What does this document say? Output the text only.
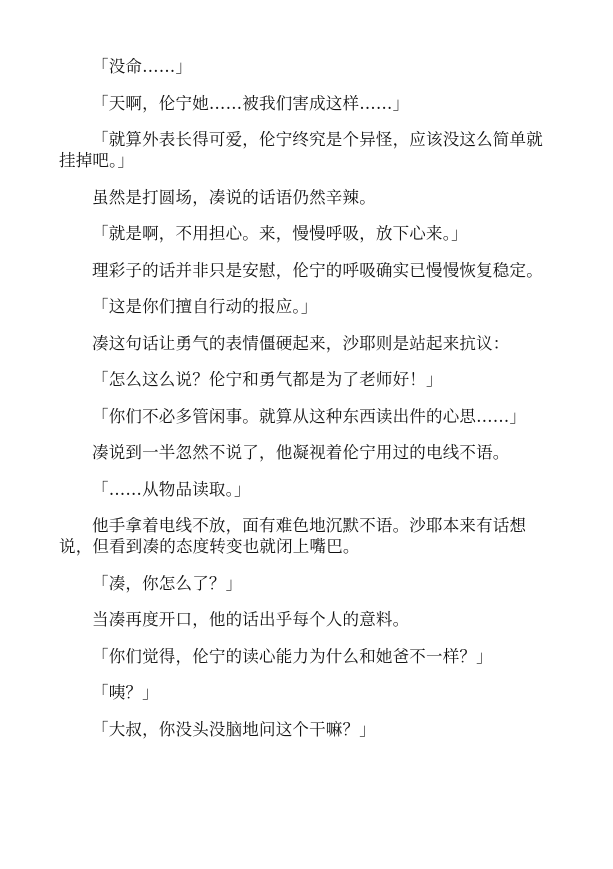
「没命……」

「天啊，伦宁她……被我们害成这样……」

「就算外表长得可爱，伦宁终究是个异怪，应该没这么简单就挂掉吧。」

虽然是打圆场，凑说的话语仍然辛辣。

「就是啊，不用担心。来，慢慢呼吸，放下心来。」

理彩子的话并非只是安慰，伦宁的呼吸确实已慢慢恢复稳定。

「这是你们擅自行动的报应。」

凑这句话让勇气的表情僵硬起来，沙耶则是站起来抗议：

「怎么这么说？伦宁和勇气都是为了老师好！」

「你们不必多管闲事。就算从这种东西读出件的心思……」

凑说到一半忽然不说了，他凝视着伦宁用过的电线不语。

「……从物品读取。」

他手拿着电线不放，面有难色地沉默不语。沙耶本来有话想说，但看到凑的态度转变也就闭上嘴巴。

「凑，你怎么了？」

当凑再度开口，他的话出乎每个人的意料。

「你们觉得，伦宁的读心能力为什么和她爸不一样？」

「咦？」

「大叔，你没头没脑地问这个干嘛？」
